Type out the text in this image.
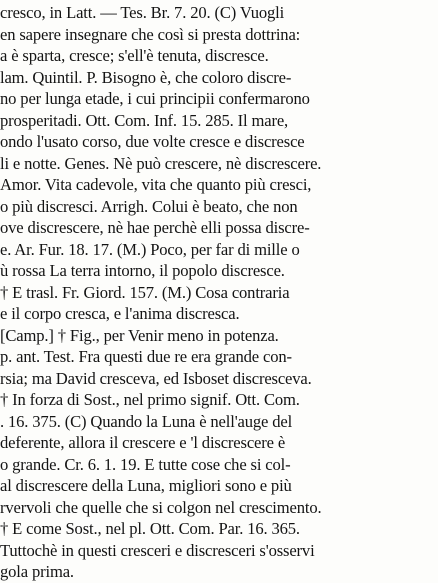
cresco, in Latt. — Tes. Br. 7. 20. (C) Vuogli
en sapere insegnare che così si presta dottrina:
a è sparta, cresce; s'ell'è tenuta, discresce.
lam. Quintil. P. Bisogno è, che coloro discre-
no per lunga etade, i cui principii confermarono
prosperitadi. Ott. Com. Inf. 15. 285. Il mare,
ondo l'usato corso, due volte cresce e discresce
li e notte. Genes. Nè può crescere, nè discrescere.
Amor. Vita cadevole, vita che quanto più cresci,
o più discresci. Arrigh. Colui è beato, che non
ove discrescere, nè hae perchè elli possa discre-
e. Ar. Fur. 18. 17. (M.) Poco, per far di mille o
ù rossa La terra intorno, il popolo discresce.
† E trasl. Fr. Giord. 157. (M.) Cosa contraria
e il corpo cresca, e l'anima discresca.
[Camp.] † Fig., per Venir meno in potenza.
p. ant. Test. Fra questi due re era grande con-
rsia; ma David cresceva, ed Isboset discresceva.
† In forza di Sost., nel primo signif. Ott. Com.
. 16. 375. (C) Quando la Luna è nell'auge del
deferente, allora il crescere e 'l discrescere è
o grande. Cr. 6. 1. 19. E tutte cose che si col-
al discrescere della Luna, migliori sono e più
rvervoli che quelle che si colgon nel crescimento.
† E come Sost., nel pl. Ott. Com. Par. 16. 365.
Tuttochè in questi cresceri e discresceri s'osservi
gola prima.
